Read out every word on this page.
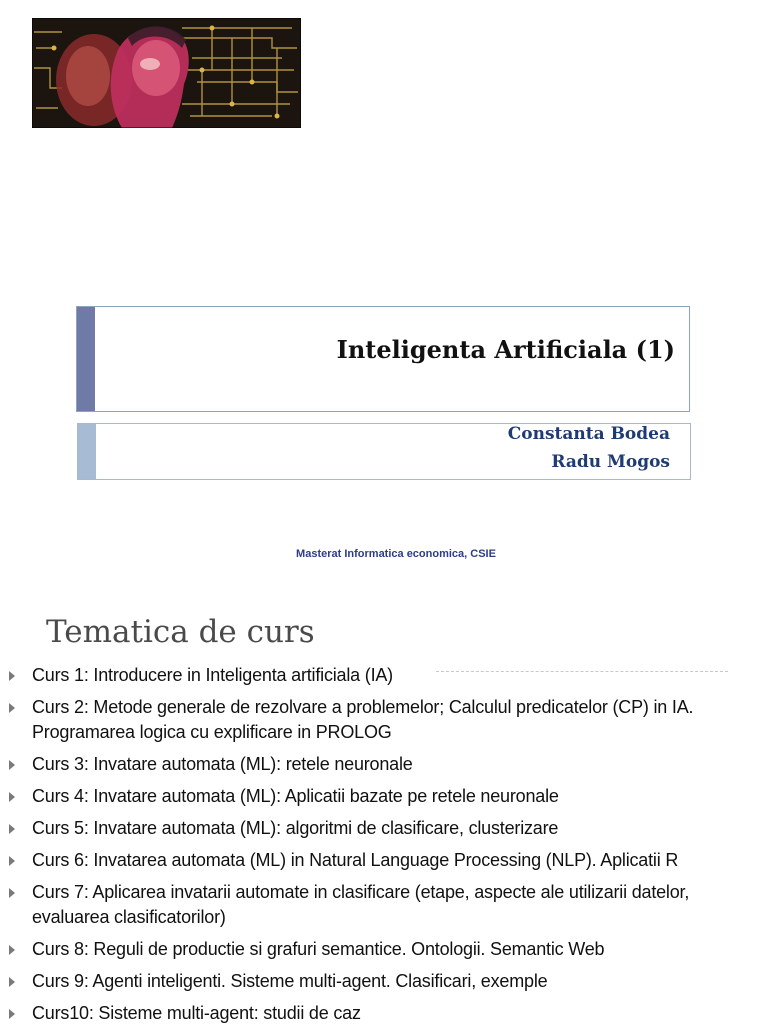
Inteligenta Artificiala (1)
Constanta Bodea
Radu Mogos
Masterat Informatica economica, CSIE
Tematica de curs
Curs 1: Introducere in Inteligenta artificiala (IA)
Curs 2: Metode generale de rezolvare a problemelor; Calculul predicatelor (CP) in IA. Programarea logica cu explificare in PROLOG
Curs 3: Invatare automata (ML): retele neuronale
Curs 4: Invatare automata (ML): Aplicatii bazate pe retele neuronale
Curs 5: Invatare automata (ML): algoritmi de clasificare, clusterizare
Curs 6: Invatarea automata (ML) in Natural Language Processing (NLP). Aplicatii R
Curs 7: Aplicarea invatarii automate in clasificare (etape, aspecte ale utilizarii datelor, evaluarea clasificatorilor)
Curs 8: Reguli de productie si grafuri semantice. Ontologii. Semantic Web
Curs 9: Agenti inteligenti. Sisteme multi-agent. Clasificari, exemple
Curs10: Sisteme multi-agent: studii de caz
